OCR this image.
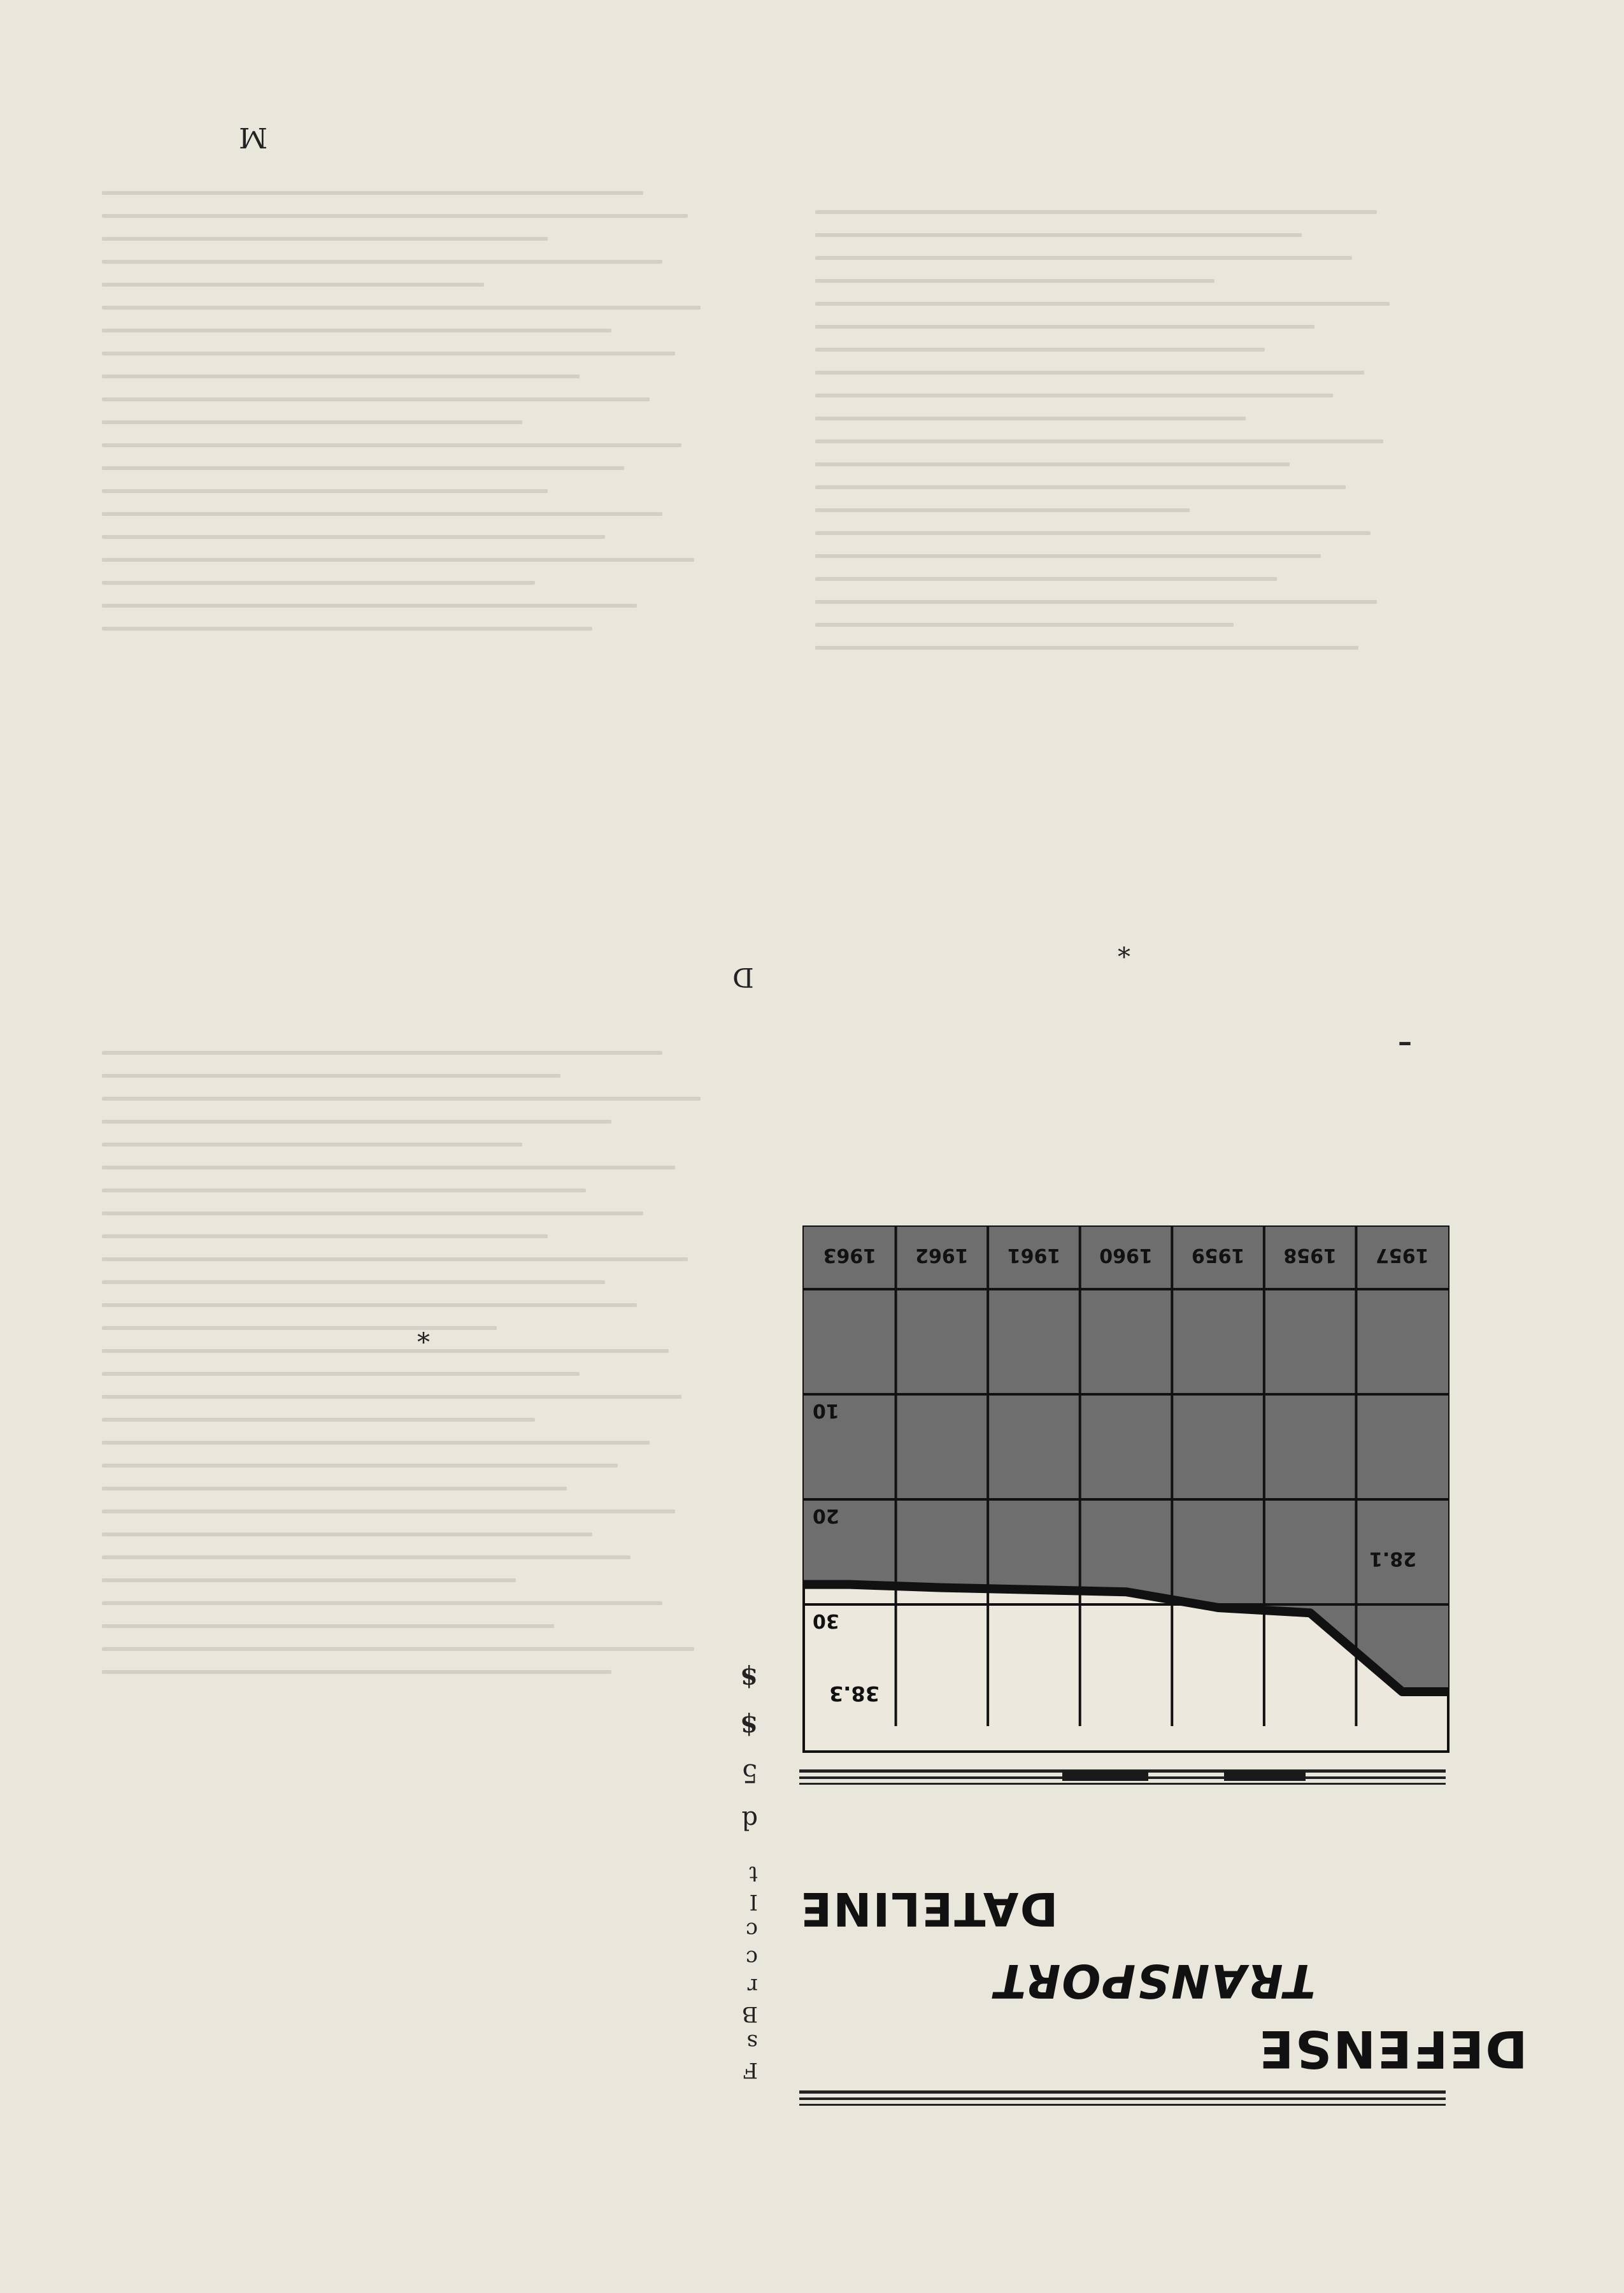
M
D
*
*
–
$
$
5
d
t
I
c
c
r
B
s
F
DATELINE
TRANSPORT
DEFENSE
1957
1958
1959
1960
1961
1962
1963
10
20
30
38.3
28.1
